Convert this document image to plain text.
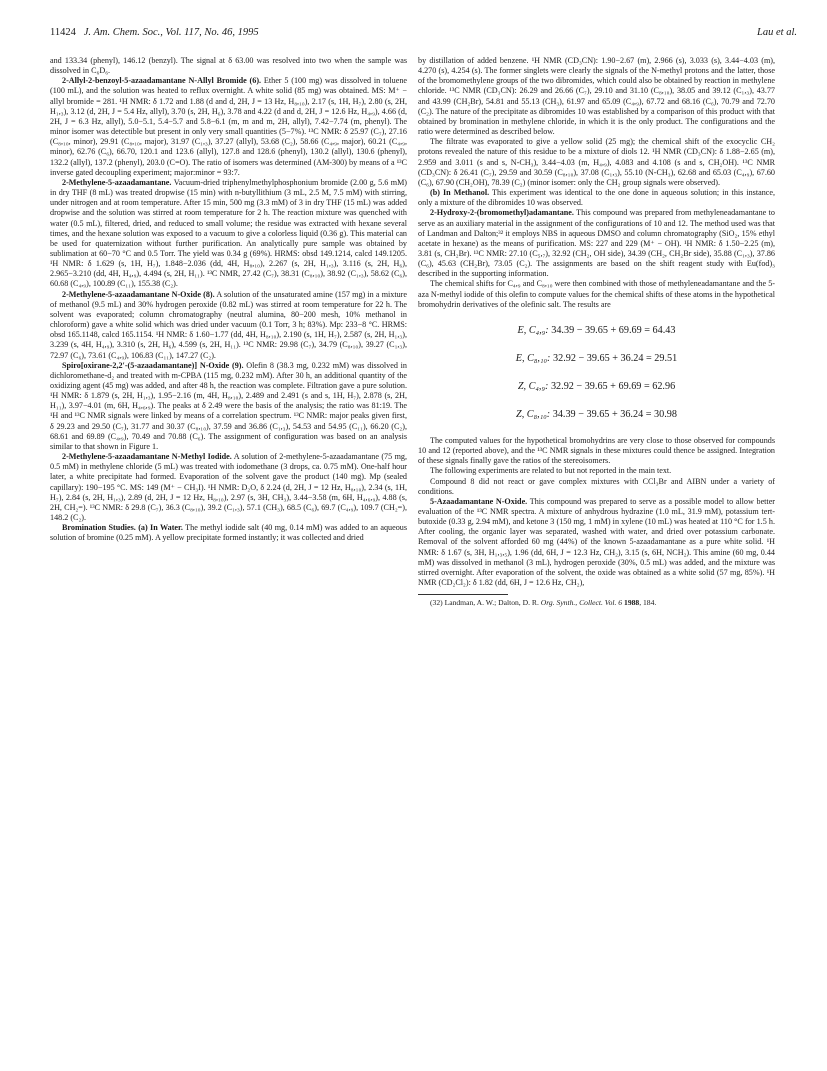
11424 J. Am. Chem. Soc., Vol. 117, No. 46, 1995	Lau et al.

and 133.34 (phenyl), 146.12 (benzyl). The signal at δ 63.00 was resolved into two when the sample was dissolved in C₆D₆.

2-Allyl-2-benzoyl-5-azaadamantane N-Allyl Bromide (6). Ether 5 (100 mg) was dissolved in toluene (100 mL), and the solution was heated to reflux overnight. A white solid (85 mg) was obtained. MS: M⁺ − allyl bromide = 281. ¹H NMR: δ 1.72 and 1.88 (d and d, 2H, J = 13 Hz, H₈,₁₀), 2.17 (s, 1H, H₇), 2.80 (s, 2H, H₁,₃), 3.12 (d, 2H, J = 5.4 Hz, allyl), 3.70 (s, 2H, H₆), 3.78 and 4.22 (d and d, 2H, J = 12.6 Hz, H₄,₉), 4.66 (d, 2H, J = 6.3 Hz, allyl), 5.0−5.1, 5.4−5.7 and 5.8−6.1 (m, m and m, 2H, allyl), 7.42−7.74 (m, phenyl). The minor isomer was detectible but present in only very small quantities (5−7%). ¹³C NMR: δ 25.97 (C₇), 27.16 (C₈,₁₀, minor), 29.91 (C₈,₁₀, major), 31.97 (C₁,₃), 37.27 (allyl), 53.68 (C₂), 58.66 (C₄,₉, major), 60.21 (C₄,₉, minor), 62.76 (C₆), 66.70, 120.1 and 123.6 (allyl), 127.8 and 128.6 (phenyl), 130.2 (allyl), 130.6 (phenyl), 132.2 (allyl), 137.2 (phenyl), 203.0 (C=O). The ratio of isomers was determined (AM-300) by means of a ¹³C inverse gated decoupling experiment; major:minor = 93:7.

2-Methylene-5-azaadamantane. Vacuum-dried triphenylmethylphosphonium bromide (2.00 g, 5.6 mM) in dry THF (8 mL) was treated dropwise (15 min) with n-butyllithium (3 mL, 2.5 M, 7.5 mM) with stirring, under nitrogen and at room temperature. After 15 min, 500 mg (3.3 mM) of 3 in dry THF (15 mL) was added dropwise and the solution was stirred at room temperature for 2 h. The reaction mixture was quenched with water (0.5 mL), filtered, dried, and reduced to small volume; the residue was extracted with hexane several times, and the hexane solution was exposed to a vacuum to give a colorless liquid (0.36 g). This material can be used for quaternization without further purification. An analytically pure sample was obtained by sublimation at 60−70 °C and 0.5 Torr. The yield was 0.34 g (69%). HRMS: obsd 149.1214, calcd 149.1205. ¹H NMR: δ 1.629 (s, 1H, H₇), 1.848−2.036 (dd, 4H, H₈,₁₀), 2.267 (s, 2H, H₁,₃), 3.116 (s, 2H, H₆), 2.965−3.210 (dd, 4H, H₄,₉), 4.494 (s, 2H, H₁₁). ¹³C NMR, 27.42 (C₇), 38.31 (C₈,₁₀), 38.92 (C₁,₃), 58.62 (C₆), 60.68 (C₄,₉), 100.89 (C₁₁), 155.38 (C₂).

2-Methylene-5-azaadamantane N-Oxide (8). A solution of the unsaturated amine (157 mg) in a mixture of methanol (9.5 mL) and 30% hydrogen peroxide (0.82 mL) was stirred at room temperature for 22 h. The solvent was evaporated; column chromatography (neutral alumina, 80−200 mesh, 10% methanol in chloroform) gave a white solid which was dried under vacuum (0.1 Torr, 3 h; 83%). Mp: 233−8 °C. HRMS: obsd 165.1148, calcd 165.1154. ¹H NMR: δ 1.60−1.77 (dd, 4H, H₈,₁₀), 2.190 (s, 1H, H₇), 2.587 (s, 2H, H₁,₃), 3.239 (s, 4H, H₄,₉), 3.310 (s, 2H, H₆), 4.599 (s, 2H, H₁₁). ¹³C NMR: 29.98 (C₇), 34.79 (C₈,₁₀), 39.27 (C₁,₃), 72.97 (C₆), 73.61 (C₄,₉), 106.83 (C₁₁), 147.27 (C₂).

Spiro[oxirane-2,2′-(5-azaadamantane)] N-Oxide (9). Olefin 8 (38.3 mg, 0.232 mM) was dissolved in dichloromethane-d₂ and treated with m-CPBA (115 mg, 0.232 mM). After 30 h, an additional quantity of the oxidizing agent (45 mg) was added, and after 48 h, the reaction was complete. Filtration gave a pure solution. ¹H NMR: δ 1.879 (s, 2H, H₁,₃), 1.95−2.16 (m, 4H, H₈,₁₀), 2.489 and 2.491 (s and s, 1H, H₇), 2.878 (s, 2H, H₁₁), 3.97−4.01 (m, 6H, H₄,₆,₉). The peaks at δ 2.49 were the basis of the analysis; the ratio was 81:19. The ¹H and ¹³C NMR signals were linked by means of a correlation spectrum. ¹³C NMR: major peaks given first, δ 29.23 and 29.50 (C₇), 31.77 and 30.37 (C₈,₁₀), 37.59 and 36.86 (C₁,₃), 54.53 and 54.95 (C₁₁), 66.20 (C₂), 68.61 and 69.89 (C₄,₉), 70.49 and 70.88 (C₆). The assignment of configuration was based on an analysis similar to that shown in Figure 1.

2-Methylene-5-azaadamantane N-Methyl Iodide. A solution of 2-methylene-5-azaadamantane (75 mg, 0.5 mM) in methylene chloride (5 mL) was treated with iodomethane (3 drops, ca. 0.75 mM). One-half hour later, a white precipitate had formed. Evaporation of the solvent gave the product (140 mg). Mp (sealed capillary): 190−195 °C. MS: 149 (M⁺ − CH₃I). ¹H NMR: D₂O, δ 2.24 (d, 2H, J = 12 Hz, H₈,₁₀), 2.34 (s, 1H, H₇), 2.84 (s, 2H, H₁,₃), 2.89 (d, 2H, J = 12 Hz, H₈,₁₀), 2.97 (s, 3H, CH₃), 3.44−3.58 (m, 6H, H₄,₆,₉), 4.88 (s, 2H, CH₂=). ¹³C NMR: δ 29.8 (C₇), 36.3 (C₈,₁₀), 39.2 (C₁,₃), 57.1 (CH₃), 68.5 (C₆), 69.7 (C₄,₉), 109.7 (CH₂=), 148.2 (C₂).

Bromination Studies. (a) In Water. The methyl iodide salt (40 mg, 0.14 mM) was added to an aqueous solution of bromine (0.25 mM). A yellow precipitate formed instantly; it was collected and dried

by distillation of added benzene. ¹H NMR (CD₃CN): 1.90−2.67 (m), 2.966 (s), 3.033 (s), 3.44−4.03 (m), 4.270 (s), 4.254 (s). The former singlets were clearly the signals of the N-methyl protons and the latter, those of the bromomethylene groups of the two dibromides, which could also be obtained by reaction in methylene chloride. ¹³C NMR (CD₃CN): 26.29 and 26.66 (C₇), 29.10 and 31.10 (C₈,₁₀), 38.05 and 39.12 (C₁,₃), 43.77 and 43.99 (CH₂Br), 54.81 and 55.13 (CH₃), 61.97 and 65.09 (C₄,₉), 67.72 and 68.16 (C₆), 70.79 and 72.70 (C₂). The nature of the precipitate as dibromides 10 was established by a comparison of this product with that obtained by bromination in methylene chloride, in which it is the only product. The configurations and the ratio were determined as described below.

The filtrate was evaporated to give a yellow solid (25 mg); the chemical shift of the exocyclic CH₂ protons revealed the nature of this residue to be a mixture of diols 12. ¹H NMR (CD₃CN): δ 1.88−2.65 (m), 2.959 and 3.011 (s and s, N-CH₃), 3.44−4.03 (m, H₄,₉), 4.083 and 4.108 (s and s, CH₂OH). ¹³C NMR (CD₃CN): δ 26.41 (C₇), 29.59 and 30.59 (C₈,₁₀), 37.08 (C₁,₃), 55.10 (N-CH₃), 62.68 and 65.03 (C₄,₉), 67.60 (C₆), 67.90 (CH₂OH), 78.39 (C₂) (minor isomer: only the CH₂ group signals were observed).

(b) In Methanol. This experiment was identical to the one done in aqueous solution; in this instance, only a mixture of the dibromides 10 was observed.

2-Hydroxy-2-(bromomethyl)adamantane. This compound was prepared from methyleneadamantane to serve as an auxiliary material in the assignment of the configurations of 10 and 12. The method used was that of Landman and Dalton;³² it employs NBS in aqueous DMSO and column chromatography (SiO₂, 15% ethyl acetate in hexane) as the means of purification. MS: 227 and 229 (M⁺ − OH). ¹H NMR: δ 1.50−2.25 (m), 3.81 (s, CH₂Br). ¹³C NMR: 27.10 (C₅,₇), 32.92 (CH₂, OH side), 34.39 (CH₂, CH₂Br side), 35.88 (C₁,₃), 37.86 (C₆), 45.63 (CH₂Br), 73.05 (C₂). The assignments are based on the shift reagent study with Eu(fod)₃ described in the supporting information.

The chemical shifts for C₄,₉ and C₈,₁₀ were then combined with those of methyleneadamantane and the 5-aza N-methyl iodide of this olefin to compute values for the chemical shifts of these atoms in the hypothetical bromohydrin derivatives of the olefinic salt. The results are

E, C₄,₉: 34.39 − 39.65 + 69.69 = 64.43
E, C₈,₁₀: 32.92 − 39.65 + 36.24 = 29.51
Z, C₄,₉: 32.92 − 39.65 + 69.69 = 62.96
Z, C₈,₁₀: 34.39 − 39.65 + 36.24 = 30.98

The computed values for the hypothetical bromohydrins are very close to those observed for compounds 10 and 12 (reported above), and the ¹³C NMR signals in these mixtures could thence be assigned. Integration of these signals finally gave the ratios of the stereoisomers.

The following experiments are related to but not reported in the main text.

Compound 8 did not react or gave complex mixtures with CCl₃Br and AIBN under a variety of conditions.

5-Azaadamantane N-Oxide. This compound was prepared to serve as a possible model to allow better evaluation of the ¹³C NMR spectra. A mixture of anhydrous hydrazine (1.0 mL, 31.9 mM), potassium tert-butoxide (0.33 g, 2.94 mM), and ketone 3 (150 mg, 1 mM) in xylene (10 mL) was heated at 110 °C for 1.5 h. After cooling, the organic layer was separated, washed with water, and dried over potassium carbonate. Removal of the solvent afforded 60 mg (44%) of the known 5-azaadamantane as a pure white solid. ¹H NMR: δ 1.67 (s, 3H, H₁,₃,₅), 1.96 (dd, 6H, J = 12.3 Hz, CH₂), 3.15 (s, 6H, NCH₂). This amine (60 mg, 0.44 mM) was dissolved in methanol (3 mL), hydrogen peroxide (30%, 0.5 mL) was added, and the mixture was stirred overnight. After evaporation of the solvent, the oxide was obtained as a white solid (57 mg, 85%). ¹H NMR (CD₂Cl₂): δ 1.82 (dd, 6H, J = 12.6 Hz, CH₂),

(32) Landman, A. W.; Dalton, D. R. Org. Synth., Collect. Vol. 6 1988, 184.
